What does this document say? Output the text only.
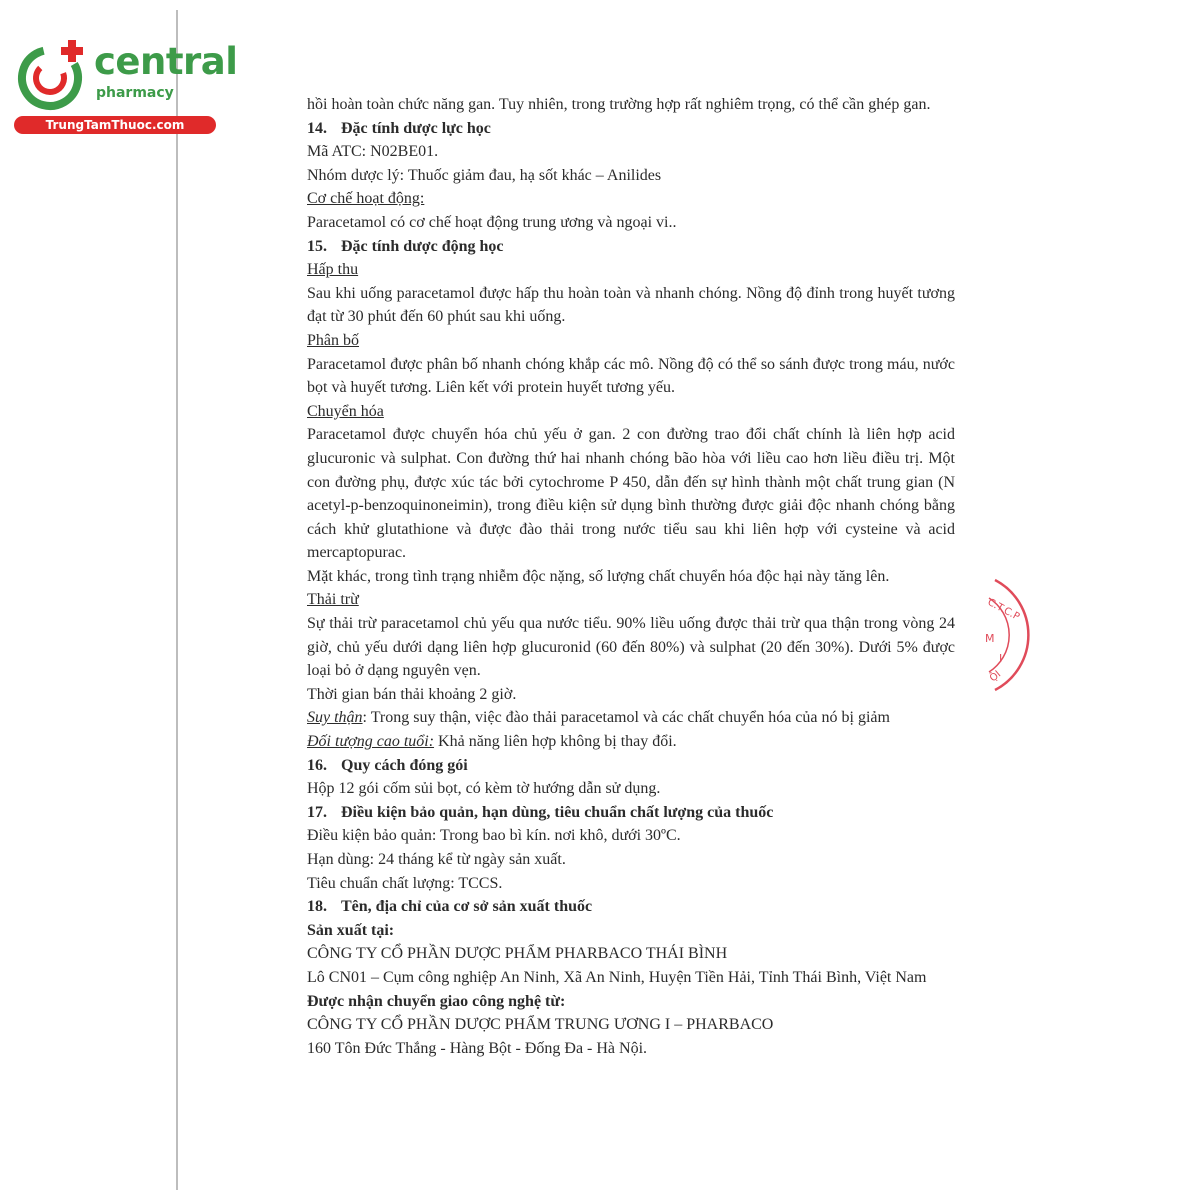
central
pharmacy
TrungTamThuoc.com

hồi hoàn toàn chức năng gan. Tuy nhiên, trong trường hợp rất nghiêm trọng, có thể cần ghép gan.

14. Đặc tính dược lực học

Mã ATC: N02BE01.

Nhóm dược lý: Thuốc giảm đau, hạ sốt khác – Anilides

Cơ chế hoạt động:

Paracetamol có cơ chế hoạt động trung ương và ngoại vi..

15. Đặc tính dược động học

Hấp thu

Sau khi uống paracetamol được hấp thu hoàn toàn và nhanh chóng. Nồng độ đỉnh trong huyết tương đạt từ 30 phút đến 60 phút sau khi uống.

Phân bố

Paracetamol được phân bố nhanh chóng khắp các mô. Nồng độ có thể so sánh được trong máu, nước bọt và huyết tương. Liên kết với protein huyết tương yếu.

Chuyển hóa

Paracetamol được chuyển hóa chủ yếu ở gan. 2 con đường trao đổi chất chính là liên hợp acid glucuronic và sulphat. Con đường thứ hai nhanh chóng bão hòa với liều cao hơn liều điều trị. Một con đường phụ, được xúc tác bởi cytochrome P 450, dẫn đến sự hình thành một chất trung gian (N acetyl-p-benzoquinoneimin), trong điều kiện sử dụng bình thường được giải độc nhanh chóng bằng cách khử glutathione và được đào thải trong nước tiểu sau khi liên hợp với cysteine và acid mercaptopurac.

Mặt khác, trong tình trạng nhiễm độc nặng, số lượng chất chuyển hóa độc hại này tăng lên.

Thải trừ

Sự thải trừ paracetamol chủ yếu qua nước tiểu. 90% liều uống được thải trừ qua thận trong vòng 24 giờ, chủ yếu dưới dạng liên hợp glucuronid (60 đến 80%) và sulphat (20 đến 30%). Dưới 5% được loại bỏ ở dạng nguyên vẹn.

Thời gian bán thải khoảng 2 giờ.

Suy thận: Trong suy thận, việc đào thải paracetamol và các chất chuyển hóa của nó bị giảm

Đối tượng cao tuổi: Khả năng liên hợp không bị thay đổi.

16. Quy cách đóng gói

Hộp 12 gói cốm sủi bọt, có kèm tờ hướng dẫn sử dụng.

17. Điều kiện bảo quản, hạn dùng, tiêu chuẩn chất lượng của thuốc

Điều kiện bảo quản: Trong bao bì kín. nơi khô, dưới 30ºC.

Hạn dùng: 24 tháng kể từ ngày sản xuất.

Tiêu chuẩn chất lượng: TCCS.

18. Tên, địa chỉ của cơ sở sản xuất thuốc

Sản xuất tại:

CÔNG TY CỔ PHẦN DƯỢC PHẨM PHARBACO THÁI BÌNH

Lô CN01 – Cụm công nghiệp An Ninh, Xã An Ninh, Huyện Tiền Hải, Tỉnh Thái Bình, Việt Nam

Được nhận chuyển giao công nghệ từ:

CÔNG TY CỔ PHẦN DƯỢC PHẨM TRUNG ƯƠNG I – PHARBACO

160 Tôn Đức Thắng - Hàng Bột - Đống Đa - Hà Nội.

C.T.C.P
M
I
ỘI
